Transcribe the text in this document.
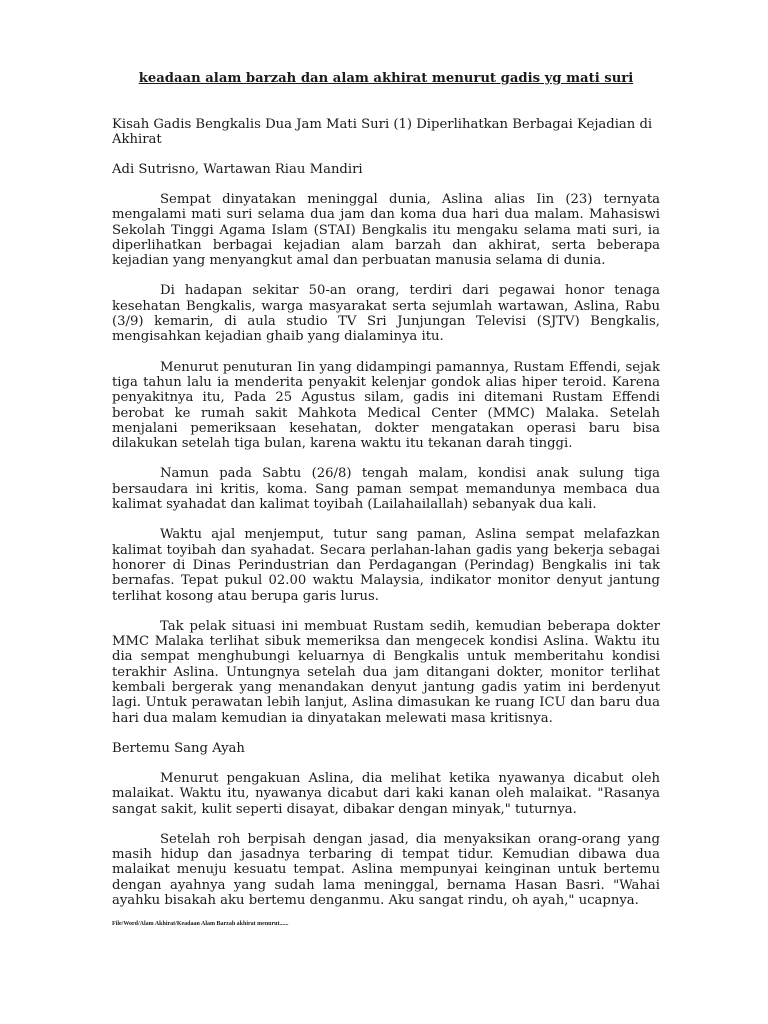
keadaan alam barzah dan alam akhirat menurut gadis yg mati suri

Kisah Gadis Bengkalis Dua Jam Mati Suri (1) Diperlihatkan Berbagai Kejadian di Akhirat

Adi Sutrisno, Wartawan Riau Mandiri

Sempat dinyatakan meninggal dunia, Aslina alias Iin (23) ternyata mengalami mati suri selama dua jam dan koma dua hari dua malam. Mahasiswi Sekolah Tinggi Agama Islam (STAI) Bengkalis itu mengaku selama mati suri, ia diperlihatkan berbagai kejadian alam barzah dan akhirat, serta beberapa kejadian yang menyangkut amal dan perbuatan manusia selama di dunia.

Di hadapan sekitar 50-an orang, terdiri dari pegawai honor tenaga kesehatan Bengkalis, warga masyarakat serta sejumlah wartawan, Aslina, Rabu (3/9) kemarin, di aula studio TV Sri Junjungan Televisi (SJTV) Bengkalis, mengisahkan kejadian ghaib yang dialaminya itu.

Menurut penuturan Iin yang didampingi pamannya, Rustam Effendi, sejak tiga tahun lalu ia menderita penyakit kelenjar gondok alias hiper teroid. Karena penyakitnya itu, Pada 25 Agustus silam, gadis ini ditemani Rustam Effendi berobat ke rumah sakit Mahkota Medical Center (MMC) Malaka. Setelah menjalani pemeriksaan kesehatan, dokter mengatakan operasi baru bisa dilakukan setelah tiga bulan, karena waktu itu tekanan darah tinggi.

Namun pada Sabtu (26/8) tengah malam, kondisi anak sulung tiga bersaudara ini kritis, koma. Sang paman sempat memandunya membaca dua kalimat syahadat dan kalimat toyibah (Lailahailallah) sebanyak dua kali.

Waktu ajal menjemput, tutur sang paman, Aslina sempat melafazkan kalimat toyibah dan syahadat. Secara perlahan-lahan gadis yang bekerja sebagai honorer di Dinas Perindustrian dan Perdagangan (Perindag) Bengkalis ini tak bernafas. Tepat pukul 02.00 waktu Malaysia, indikator monitor denyut jantung terlihat kosong atau berupa garis lurus.

Tak pelak situasi ini membuat Rustam sedih, kemudian beberapa dokter MMC Malaka terlihat sibuk memeriksa dan mengecek kondisi Aslina. Waktu itu dia sempat menghubungi keluarnya di Bengkalis untuk memberitahu kondisi terakhir Aslina. Untungnya setelah dua jam ditangani dokter, monitor terlihat kembali bergerak yang menandakan denyut jantung gadis yatim ini berdenyut lagi. Untuk perawatan lebih lanjut, Aslina dimasukan ke ruang ICU dan baru dua hari dua malam kemudian ia dinyatakan melewati masa kritisnya.

Bertemu Sang Ayah

Menurut pengakuan Aslina, dia melihat ketika nyawanya dicabut oleh malaikat. Waktu itu, nyawanya dicabut dari kaki kanan oleh malaikat. "Rasanya sangat sakit, kulit seperti disayat, dibakar dengan minyak," tuturnya.

Setelah roh berpisah dengan jasad, dia menyaksikan orang-orang yang masih hidup dan jasadnya terbaring di tempat tidur. Kemudian dibawa dua malaikat menuju kesuatu tempat. Aslina mempunyai keinginan untuk bertemu dengan ayahnya yang sudah lama meninggal, bernama Hasan Basri. "Wahai ayahku bisakah aku bertemu denganmu. Aku sangat rindu, oh ayah," ucapnya.

File/Word/Alam Akhirat/Keadaan Alam Barzah akhirat menurut......
